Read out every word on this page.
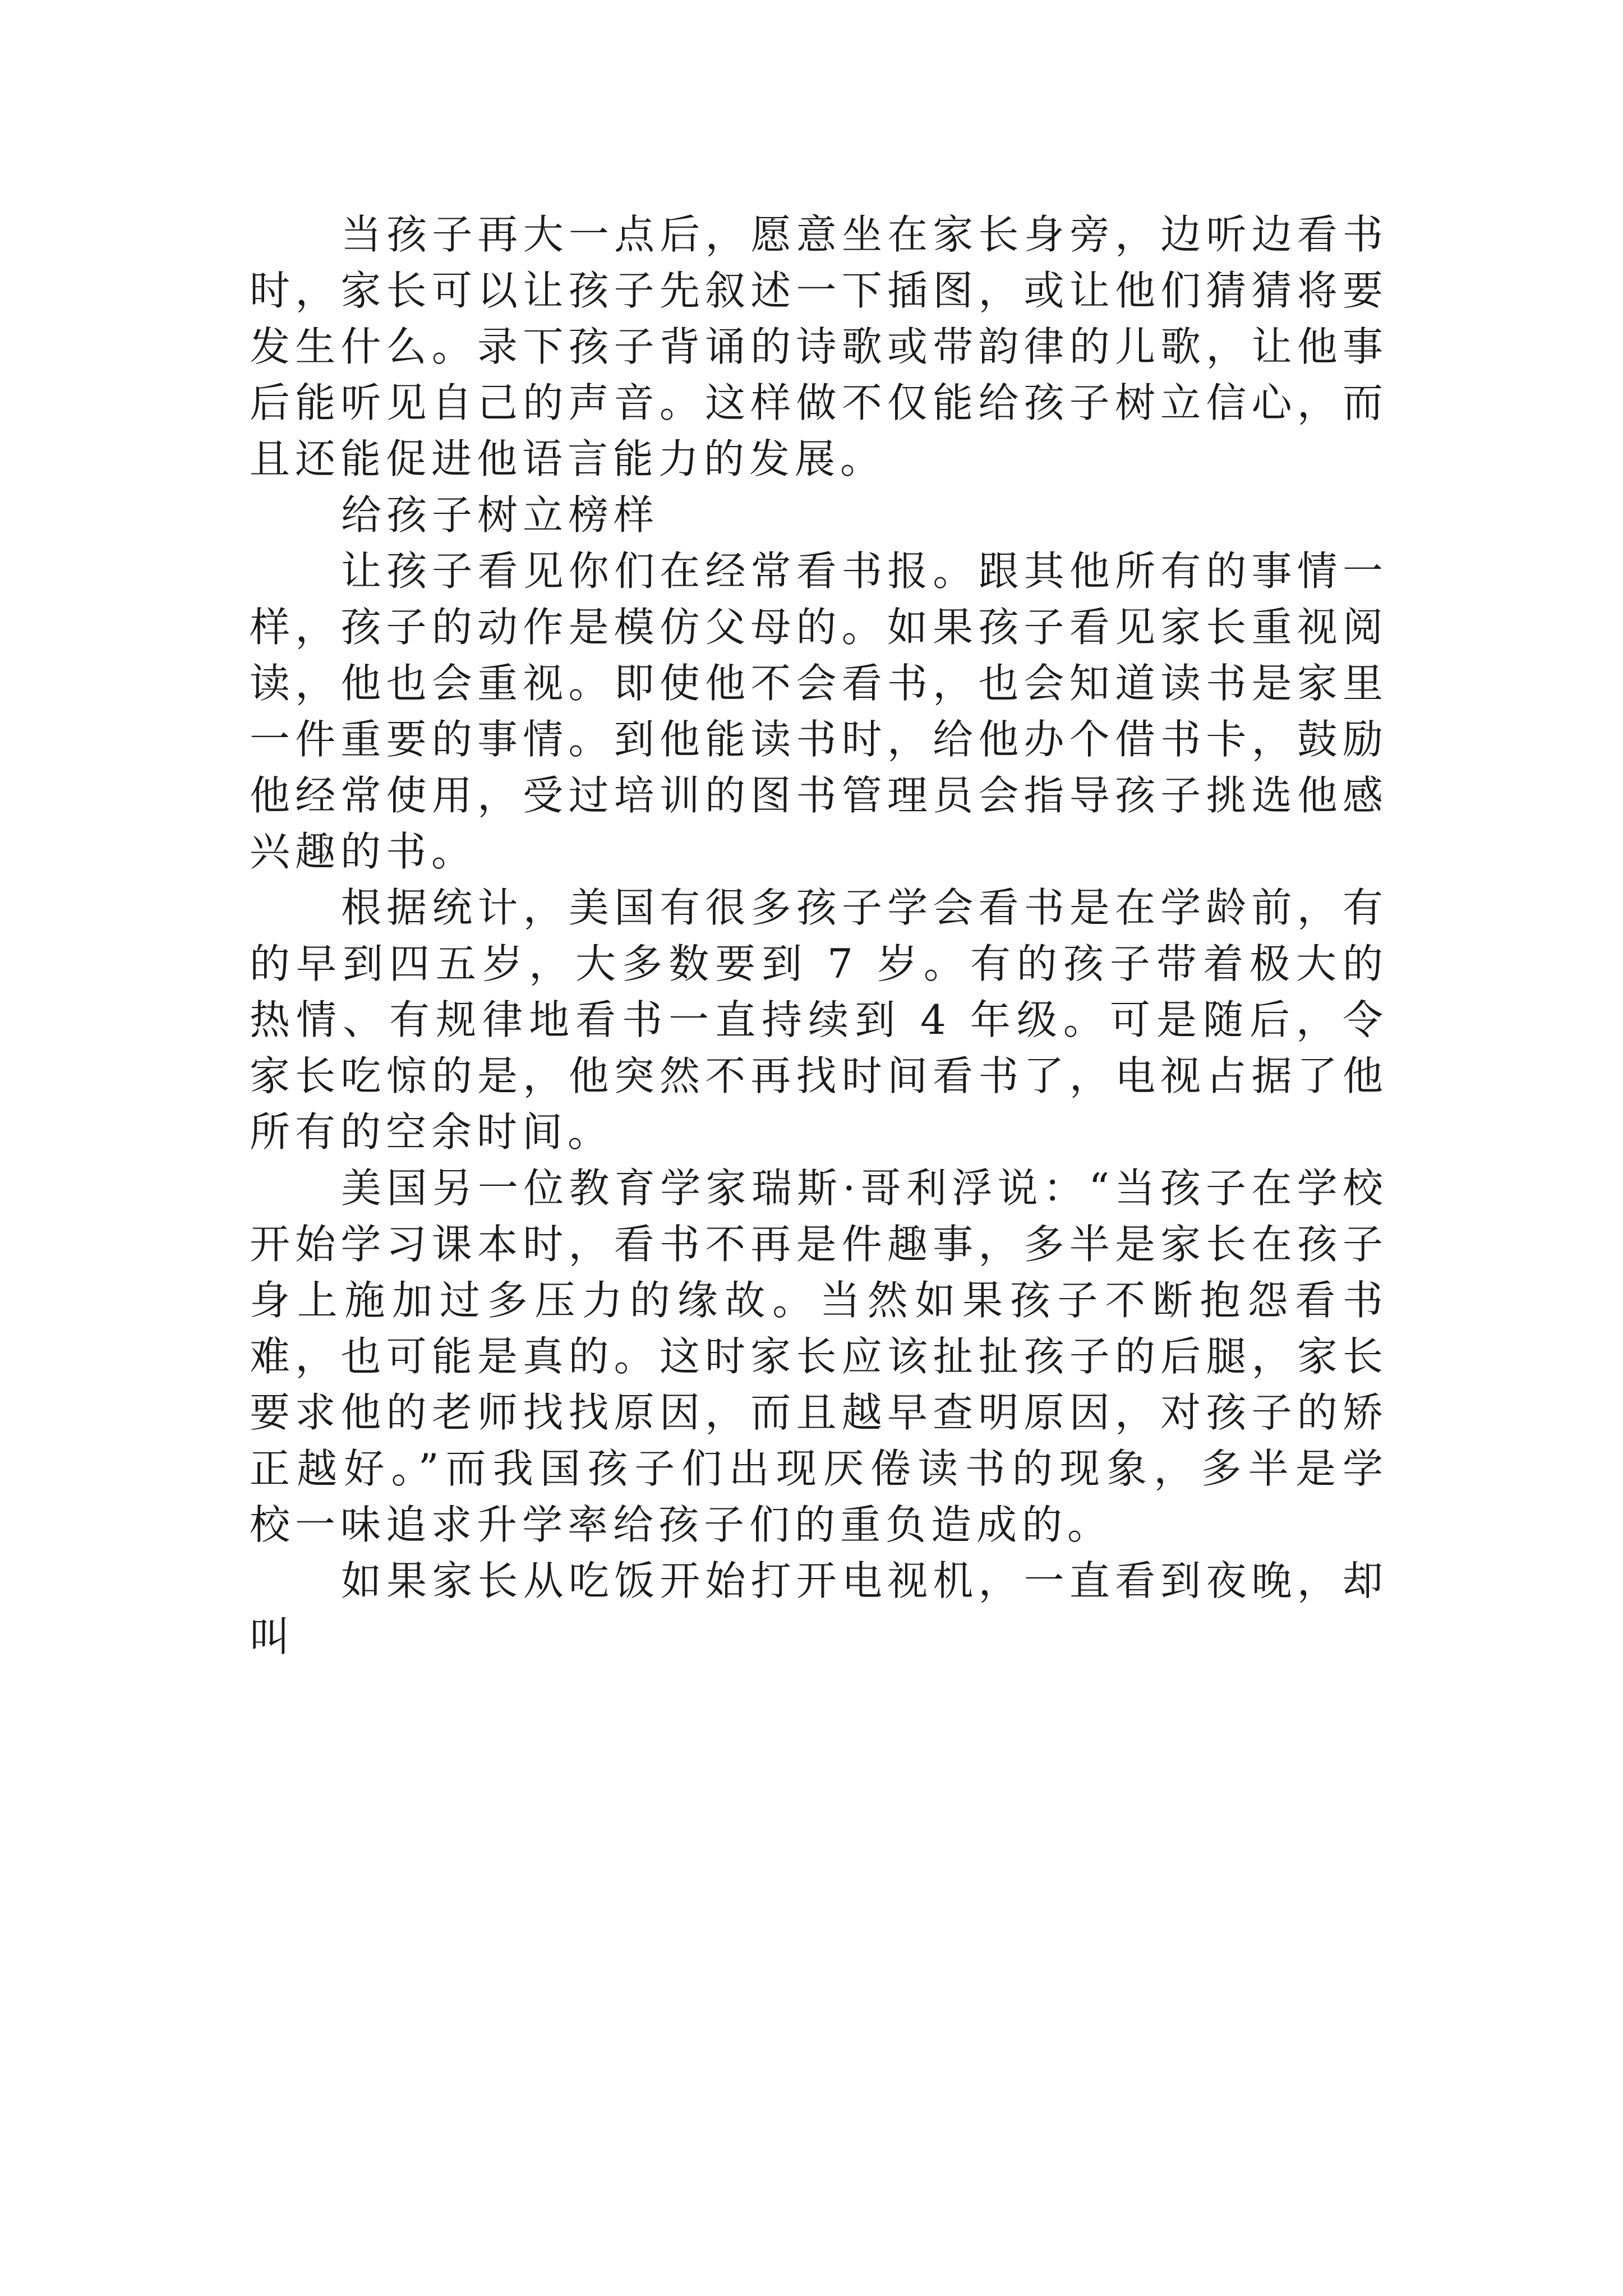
当孩子再大一点后，愿意坐在家长身旁，边听边看书时，家长可以让孩子先叙述一下插图，或让他们猜猜将要发生什么。录下孩子背诵的诗歌或带韵律的儿歌，让他事后能听见自己的声音。这样做不仅能给孩子树立信心，而且还能促进他语言能力的发展。

给孩子树立榜样

让孩子看见你们在经常看书报。跟其他所有的事情一样，孩子的动作是模仿父母的。如果孩子看见家长重视阅读，他也会重视。即使他不会看书，也会知道读书是家里一件重要的事情。到他能读书时，给他办个借书卡，鼓励他经常使用，受过培训的图书管理员会指导孩子挑选他感兴趣的书。

根据统计，美国有很多孩子学会看书是在学龄前，有的早到四五岁，大多数要到 7 岁。有的孩子带着极大的热情、有规律地看书一直持续到 4 年级。可是随后，令家长吃惊的是，他突然不再找时间看书了，电视占据了他所有的空余时间。

美国另一位教育学家瑞斯·哥利浮说：“当孩子在学校开始学习课本时，看书不再是件趣事，多半是家长在孩子身上施加过多压力的缘故。当然如果孩子不断抱怨看书难，也可能是真的。这时家长应该扯扯孩子的后腿，家长要求他的老师找找原因，而且越早查明原因，对孩子的矫正越好。”而我国孩子们出现厌倦读书的现象，多半是学校一味追求升学率给孩子们的重负造成的。

如果家长从吃饭开始打开电视机，一直看到夜晚，却叫
